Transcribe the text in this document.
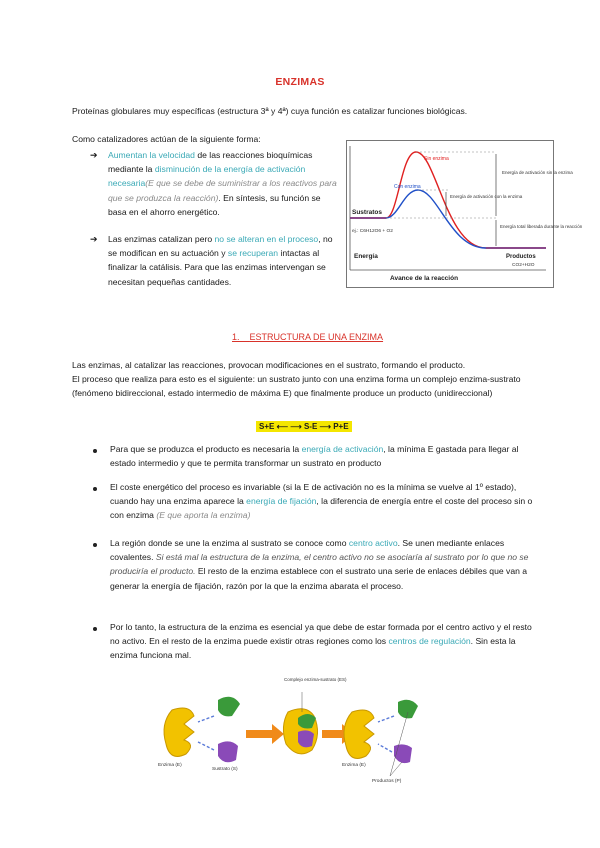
ENZIMAS
Proteínas globulares muy específicas (estructura 3ª y 4ª) cuya función es catalizar funciones biológicas.
Como catalizadores actúan de la siguiente forma:
➔ Aumentan la velocidad de las reacciones bioquímicas mediante la disminución de la energía de activación necesaria(E que se debe de suministrar a los reactivos para que se produzca la reacción). En síntesis, su función se basa en el ahorro energético.
➔ Las enzimas catalizan pero no se alteran en el proceso, no se modifican en su actuación y se recuperan intactas al finalizar la catálisis. Para que las enzimas intervengan se necesitan pequeñas cantidades.
Sin enzima
Con enzima
Energía de activación con la enzima
Energía de activación sin la enzima
Energía total liberada durante la reacción
Sustratos
ej.: C6H12O6 + O2
Productos
CO2+H2O
Energía
Avance de la reacción
1. ESTRUCTURA DE UNA ENZIMA
Las enzimas, al catalizar las reacciones, provocan modificaciones en el sustrato, formando el producto.
El proceso que realiza para esto es el siguiente: un sustrato junto con una enzima forma un complejo enzima-sustrato (fenómeno bidireccional, estado intermedio de máxima E) que finalmente produce un producto (unidireccional)
S+E ⟵ ⟶ S-E ⟶ P+E
Para que se produzca el producto es necesaria la energía de activación, la mínima E gastada para llegar al estado intermedio y que te permita transformar un sustrato en producto
El coste energético del proceso es invariable (si la E de activación no es la mínima se vuelve al 1º estado), cuando hay una enzima aparece la energía de fijación, la diferencia de energía entre el coste del proceso sin o con enzima (E que aporta la enzima)
La región donde se une la enzima al sustrato se conoce como centro activo. Se unen mediante enlaces covalentes. Si está mal la estructura de la enzima, el centro activo no se asociaría al sustrato por lo que no se produciría el producto. El resto de la enzima establece con el sustrato una serie de enlaces débiles que van a generar la energía de fijación, razón por la que la enzima abarata el proceso.
Por lo tanto, la estructura de la enzima es esencial ya que debe de estar formada por el centro activo y el resto no activo. En el resto de la enzima puede existir otras regiones como los centros de regulación. Sin esta la enzima funciona mal.
Complejo enzima-sustrato (ES)
Enzima (E)
Sustrato (S)
Enzima (E)
Productos (P)
